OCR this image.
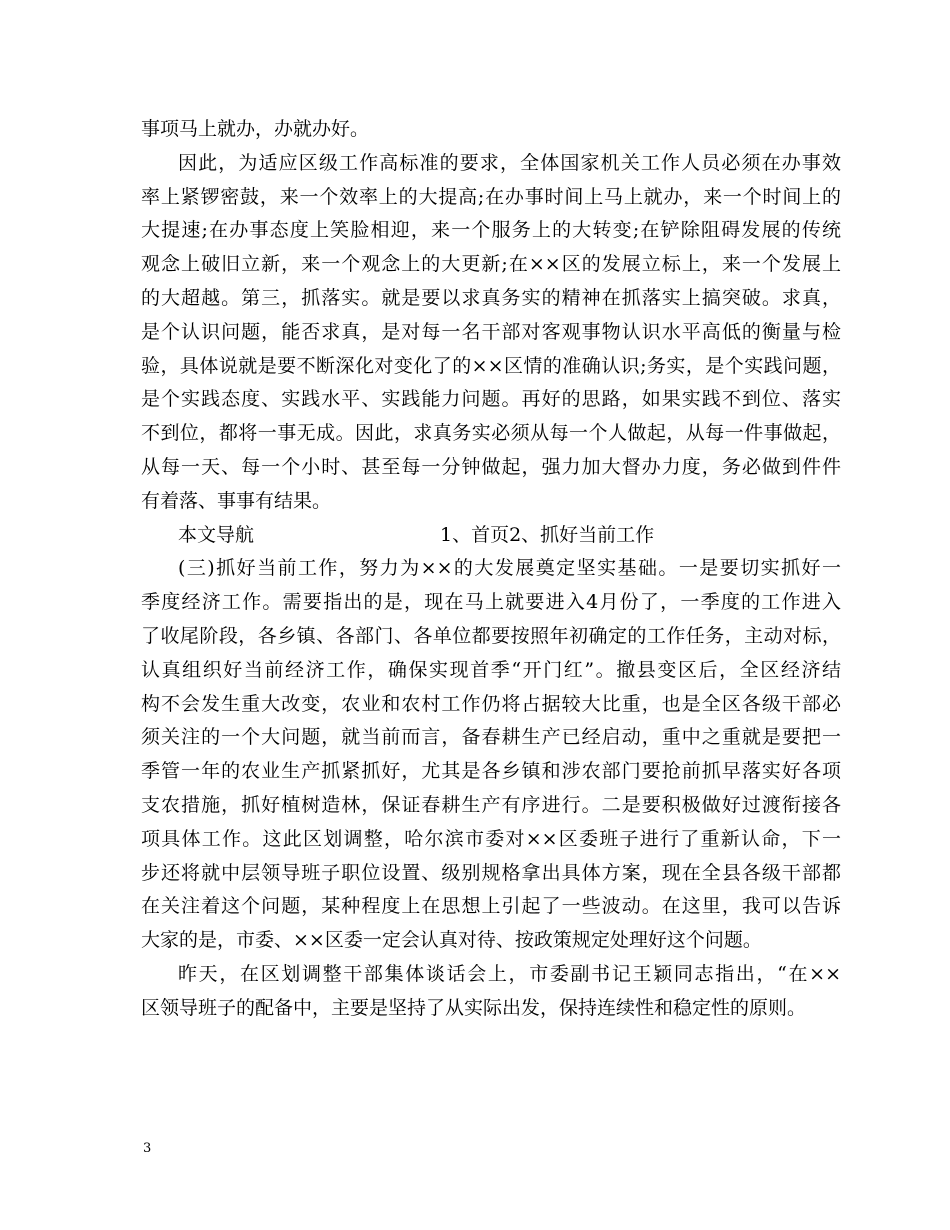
事项马上就办，办就办好。
因此，为适应区级工作高标准的要求，全体国家机关工作人员必须在办事效
率上紧锣密鼓，来一个效率上的大提高;在办事时间上马上就办，来一个时间上的
大提速;在办事态度上笑脸相迎，来一个服务上的大转变;在铲除阻碍发展的传统
观念上破旧立新，来一个观念上的大更新;在××区的发展立标上，来一个发展上
的大超越。第三，抓落实。就是要以求真务实的精神在抓落实上搞突破。求真，
是个认识问题，能否求真，是对每一名干部对客观事物认识水平高低的衡量与检
验，具体说就是要不断深化对变化了的××区情的准确认识;务实，是个实践问题，
是个实践态度、实践水平、实践能力问题。再好的思路，如果实践不到位、落实
不到位，都将一事无成。因此，求真务实必须从每一个人做起，从每一件事做起，
从每一天、每一个小时、甚至每一分钟做起，强力加大督办力度，务必做到件件
有着落、事事有结果。
本文导航	1、首页2、抓好当前工作
(三)抓好当前工作，努力为××的大发展奠定坚实基础。一是要切实抓好一
季度经济工作。需要指出的是，现在马上就要进入4月份了，一季度的工作进入
了收尾阶段，各乡镇、各部门、各单位都要按照年初确定的工作任务，主动对标，
认真组织好当前经济工作，确保实现首季“开门红”。撤县变区后，全区经济结
构不会发生重大改变，农业和农村工作仍将占据较大比重，也是全区各级干部必
须关注的一个大问题，就当前而言，备春耕生产已经启动，重中之重就是要把一
季管一年的农业生产抓紧抓好，尤其是各乡镇和涉农部门要抢前抓早落实好各项
支农措施，抓好植树造林，保证春耕生产有序进行。二是要积极做好过渡衔接各
项具体工作。这此区划调整，哈尔滨市委对××区委班子进行了重新认命，下一
步还将就中层领导班子职位设置、级别规格拿出具体方案，现在全县各级干部都
在关注着这个问题，某种程度上在思想上引起了一些波动。在这里，我可以告诉
大家的是，市委、××区委一定会认真对待、按政策规定处理好这个问题。
昨天，在区划调整干部集体谈话会上，市委副书记王颖同志指出，“在××
区领导班子的配备中，主要是坚持了从实际出发，保持连续性和稳定性的原则。
3
